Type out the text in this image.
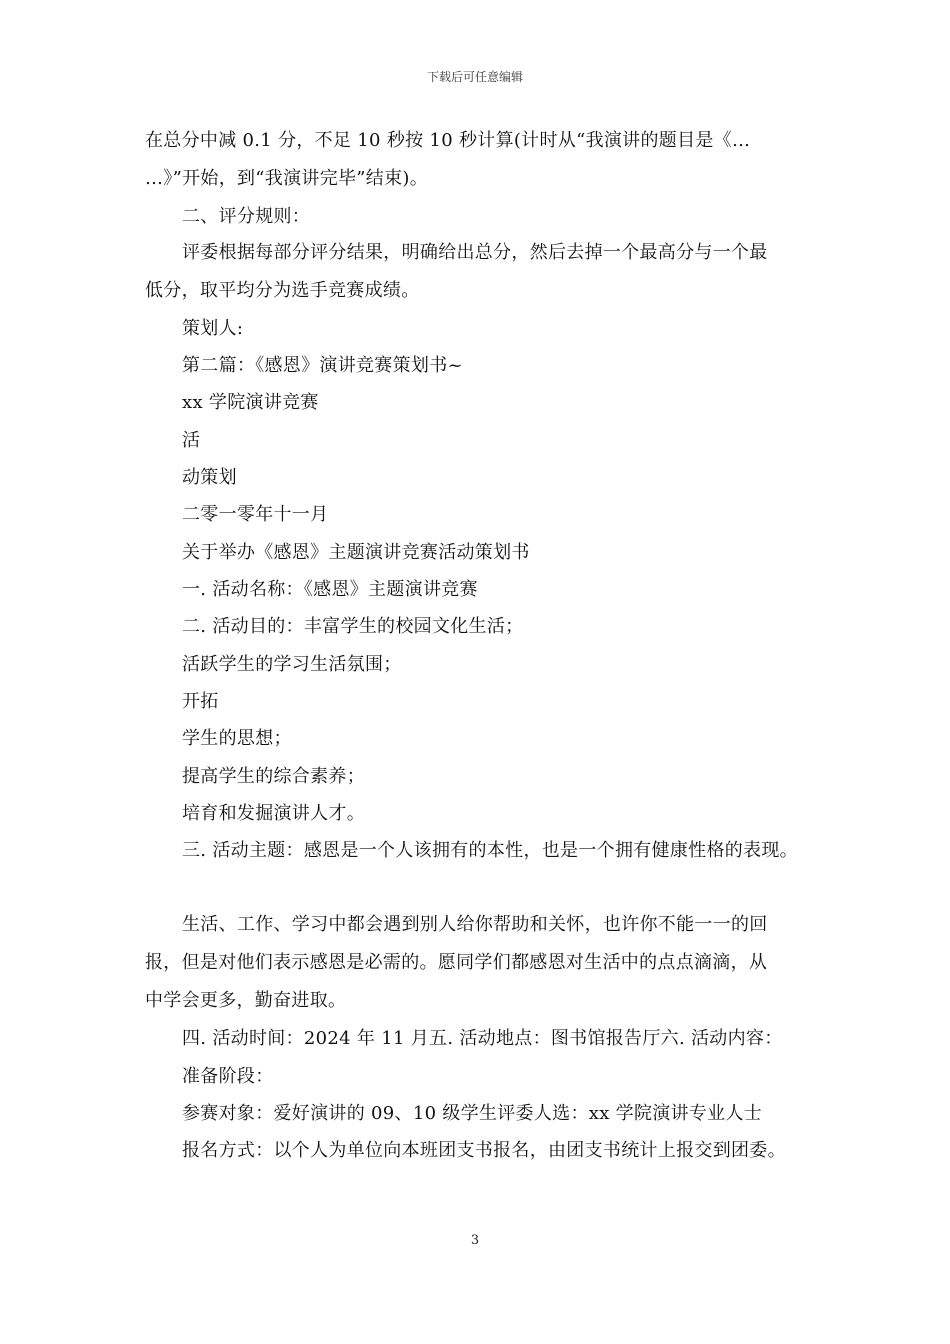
下载后可任意编辑
在总分中减 0.1 分，不足 10 秒按 10 秒计算(计时从“我演讲的题目是《…
…》”开始，到“我演讲完毕”结束)。
二、评分规则：
评委根据每部分评分结果，明确给出总分，然后去掉一个最高分与一个最
低分，取平均分为选手竞赛成绩。
策划人:
第二篇：《感恩》演讲竞赛策划书~
xx 学院演讲竞赛
活
动策划
二零一零年十一月
关于举办《感恩》主题演讲竞赛活动策划书
一. 活动名称：《感恩》主题演讲竞赛
二. 活动目的：丰富学生的校园文化生活；
活跃学生的学习生活氛围；
开拓
学生的思想；
提高学生的综合素养；
培育和发掘演讲人才。
三. 活动主题：感恩是一个人该拥有的本性，也是一个拥有健康性格的表现。
生活、工作、学习中都会遇到别人给你帮助和关怀，也许你不能一一的回
报，但是对他们表示感恩是必需的。愿同学们都感恩对生活中的点点滴滴，从
中学会更多，勤奋进取。
四. 活动时间：2024 年 11 月五. 活动地点：图书馆报告厅六. 活动内容：
准备阶段：
参赛对象：爱好演讲的 09、10 级学生评委人选：xx 学院演讲专业人士
报名方式：以个人为单位向本班团支书报名，由团支书统计上报交到团委。
3
